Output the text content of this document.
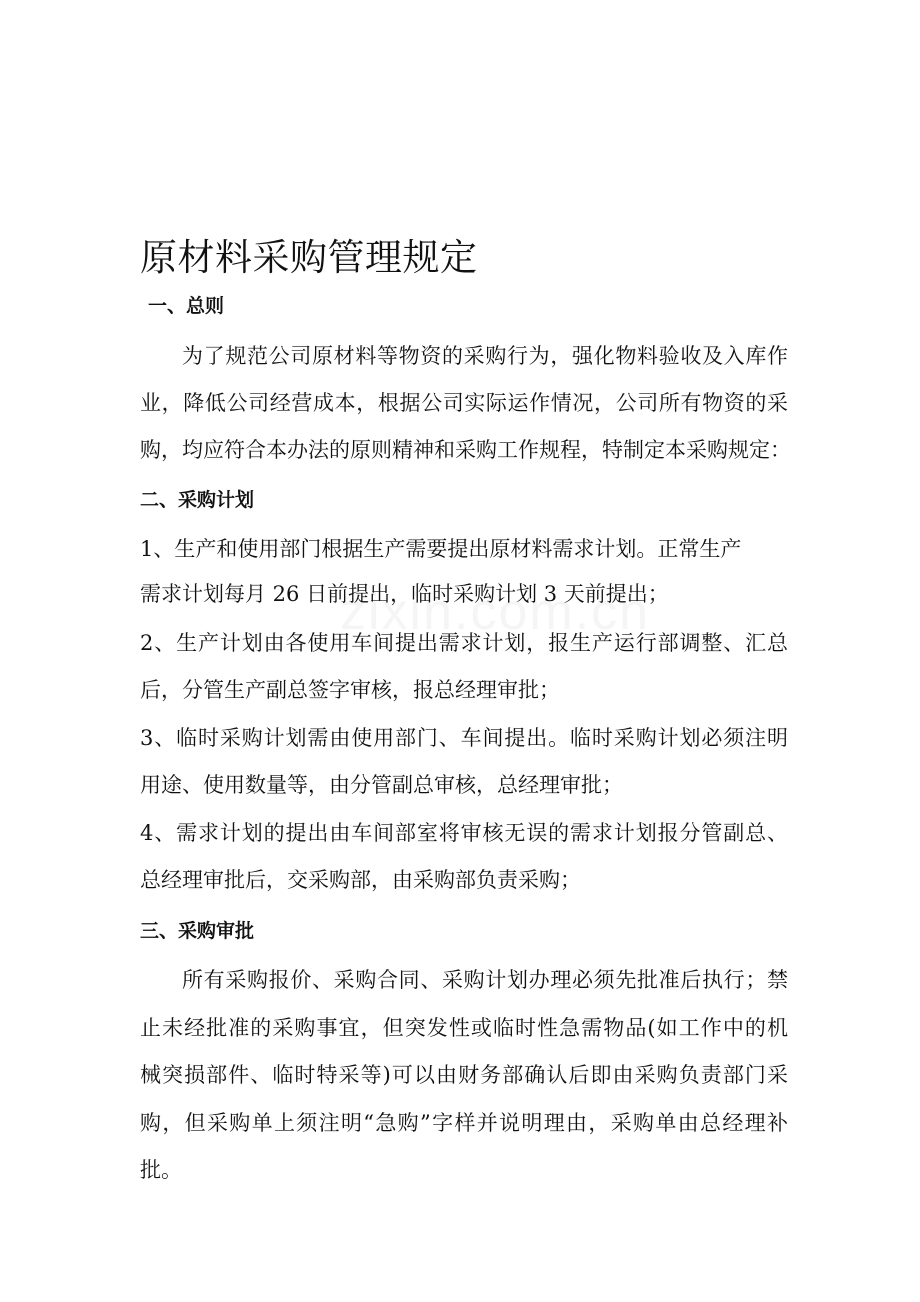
原材料采购管理规定
一、总则

为了规范公司原材料等物资的采购行为，强化物料验收及入库作

业，降低公司经营成本，根据公司实际运作情况，公司所有物资的采

购，均应符合本办法的原则精神和采购工作规程，特制定本采购规定：

二、采购计划

1、生产和使用部门根据生产需要提出原材料需求计划。正常生产

需求计划每月 26 日前提出，临时采购计划 3 天前提出；

2、生产计划由各使用车间提出需求计划，报生产运行部调整、汇总

后，分管生产副总签字审核，报总经理审批；

3、临时采购计划需由使用部门、车间提出。临时采购计划必须注明

用途、使用数量等，由分管副总审核，总经理审批；

4、需求计划的提出由车间部室将审核无误的需求计划报分管副总、

总经理审批后，交采购部，由采购部负责采购；

三、采购审批

所有采购报价、采购合同、采购计划办理必须先批准后执行；禁

止未经批准的采购事宜，但突发性或临时性急需物品(如工作中的机

械突损部件、临时特采等)可以由财务部确认后即由采购负责部门采

购，但采购单上须注明“急购”字样并说明理由，采购单由总经理补

批。
